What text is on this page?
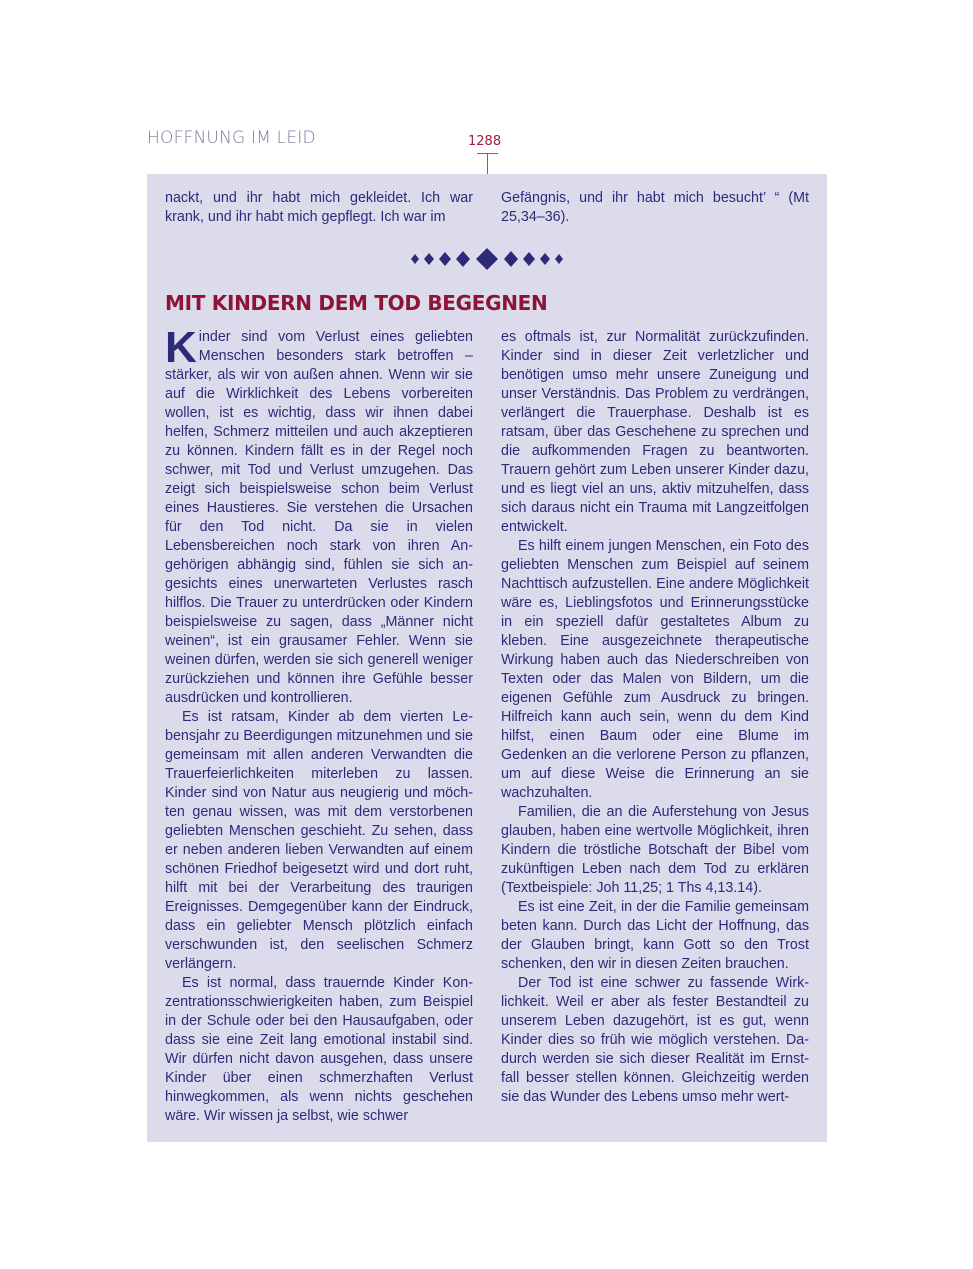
HOFFNUNG IM LEID	1288

nackt, und ihr habt mich gekleidet. Ich war krank, und ihr habt mich gepflegt. Ich war im

Gefängnis, und ihr habt mich besucht’ “ (Mt 25,34–36).

MIT KINDERN DEM TOD BEGEGNEN

Kinder sind vom Verlust eines geliebten Menschen besonders stark betroffen – stärker, als wir von außen ahnen. Wenn wir sie auf die Wirklichkeit des Lebens vorbereiten wollen, ist es wichtig, dass wir ihnen dabei helfen, Schmerz mitteilen und auch akzeptieren zu können. Kindern fällt es in der Regel noch schwer, mit Tod und Verlust umzugehen. Das zeigt sich beispielsweise schon beim Verlust eines Haustieres. Sie verstehen die Ursachen für den Tod nicht. Da sie in vielen Lebensbereichen noch stark von ihren Angehörigen abhängig sind, fühlen sie sich angesichts eines unerwarteten Verlustes rasch hilflos. Die Trauer zu unterdrücken oder Kindern beispielsweise zu sagen, dass „Männer nicht weinen“, ist ein grausamer Fehler. Wenn sie weinen dürfen, werden sie sich generell weniger zurückziehen und können ihre Gefühle besser ausdrücken und kontrollieren.

Es ist ratsam, Kinder ab dem vierten Lebensjahr zu Beerdigungen mitzunehmen und sie gemeinsam mit allen anderen Verwandten die Trauerfeierlichkeiten miterleben zu lassen. Kinder sind von Natur aus neugierig und möchten genau wissen, was mit dem verstorbenen geliebten Menschen geschieht. Zu sehen, dass er neben anderen lieben Verwandten auf einem schönen Friedhof beigesetzt wird und dort ruht, hilft mit bei der Verarbeitung des traurigen Ereignisses. Demgegenüber kann der Eindruck, dass ein geliebter Mensch plötzlich einfach verschwunden ist, den seelischen Schmerz verlängern.

Es ist normal, dass trauernde Kinder Konzentrationsschwierigkeiten haben, zum Beispiel in der Schule oder bei den Hausaufgaben, oder dass sie eine Zeit lang emotional instabil sind. Wir dürfen nicht davon ausgehen, dass unsere Kinder über einen schmerzhaften Verlust hinwegkommen, als wenn nichts geschehen wäre. Wir wissen ja selbst, wie schwer

es oftmals ist, zur Normalität zurückzufinden. Kinder sind in dieser Zeit verletzlicher und benötigen umso mehr unsere Zuneigung und unser Verständnis. Das Problem zu verdrängen, verlängert die Trauerphase. Deshalb ist es ratsam, über das Geschehene zu sprechen und die aufkommenden Fragen zu beantworten. Trauern gehört zum Leben unserer Kinder dazu, und es liegt viel an uns, aktiv mitzuhelfen, dass sich daraus nicht ein Trauma mit Langzeitfolgen entwickelt.

Es hilft einem jungen Menschen, ein Foto des geliebten Menschen zum Beispiel auf seinem Nachttisch aufzustellen. Eine andere Möglichkeit wäre es, Lieblingsfotos und Erinnerungsstücke in ein speziell dafür gestaltetes Album zu kleben. Eine ausgezeichnete therapeutische Wirkung haben auch das Niederschreiben von Texten oder das Malen von Bildern, um die eigenen Gefühle zum Ausdruck zu bringen. Hilfreich kann auch sein, wenn du dem Kind hilfst, einen Baum oder eine Blume im Gedenken an die verlorene Person zu pflanzen, um auf diese Weise die Erinnerung an sie wachzuhalten.

Familien, die an die Auferstehung von Jesus glauben, haben eine wertvolle Möglichkeit, ihren Kindern die tröstliche Botschaft der Bibel vom zukünftigen Leben nach dem Tod zu erklären (Textbeispiele: Joh 11,25; 1 Ths 4,13.14).

Es ist eine Zeit, in der die Familie gemeinsam beten kann. Durch das Licht der Hoffnung, das der Glauben bringt, kann Gott so den Trost schenken, den wir in diesen Zeiten brauchen.

Der Tod ist eine schwer zu fassende Wirklichkeit. Weil er aber als fester Bestandteil zu unserem Leben dazugehört, ist es gut, wenn Kinder dies so früh wie möglich verstehen. Dadurch werden sie sich dieser Realität im Ernstfall besser stellen können. Gleichzeitig werden sie das Wunder des Lebens umso mehr wert-
